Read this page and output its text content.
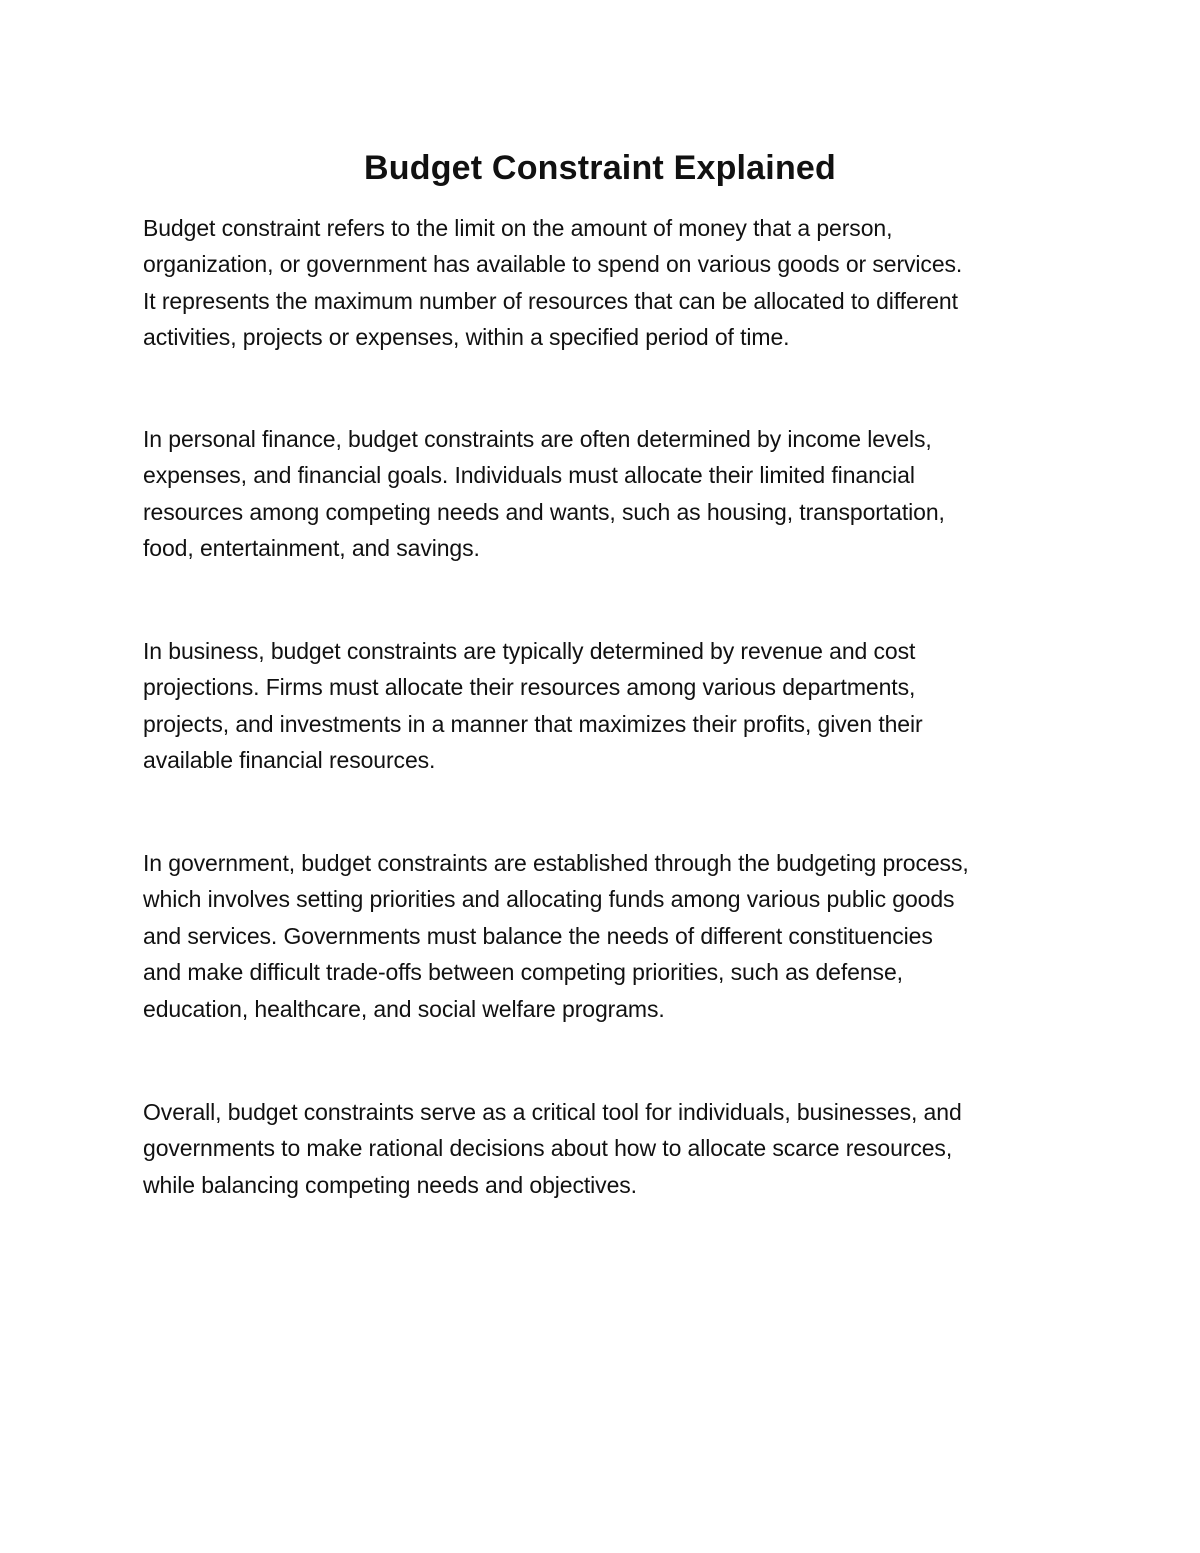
Budget Constraint Explained

Budget constraint refers to the limit on the amount of money that a person,
organization, or government has available to spend on various goods or services.
It represents the maximum number of resources that can be allocated to different
activities, projects or expenses, within a specified period of time.

In personal finance, budget constraints are often determined by income levels,
expenses, and financial goals. Individuals must allocate their limited financial
resources among competing needs and wants, such as housing, transportation,
food, entertainment, and savings.

In business, budget constraints are typically determined by revenue and cost
projections. Firms must allocate their resources among various departments,
projects, and investments in a manner that maximizes their profits, given their
available financial resources.

In government, budget constraints are established through the budgeting process,
which involves setting priorities and allocating funds among various public goods
and services. Governments must balance the needs of different constituencies
and make difficult trade-offs between competing priorities, such as defense,
education, healthcare, and social welfare programs.

Overall, budget constraints serve as a critical tool for individuals, businesses, and
governments to make rational decisions about how to allocate scarce resources,
while balancing competing needs and objectives.
